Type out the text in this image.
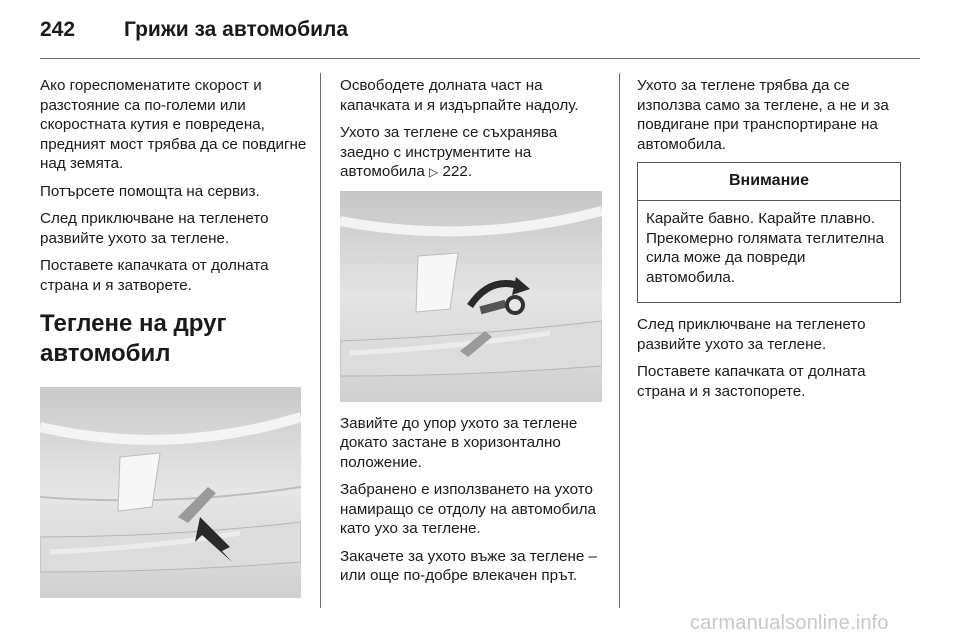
242 Грижи за автомобила

Ако гореспоменатите скорост и разстояние са по-големи или скоростната кутия е повредена, предният мост трябва да се повдигне над земята.

Потърсете помощта на сервиз.

След приключване на тегленето развийте ухото за теглене.

Поставете капачката от долната страна и я затворете.

Теглене на друг автомобил

Освободете долната част на капачката и я издърпайте надолу.

Ухото за теглене се съхранява заедно с инструментите на автомобила ▷ 222.

Завийте до упор ухото за теглене докато застане в хоризонтално положение.

Забранено е използването на ухото намиращо се отдолу на автомобила като ухо за теглене.

Закачете за ухото въже за теглене – или още по-добре влекачен прът.

Ухото за теглене трябва да се използва само за теглене, а не и за повдигане при транспортиране на автомобила.

Внимание

Карайте бавно. Карайте плавно. Прекомерно голямата теглителна сила може да повреди автомобила.

След приключване на тегленето развийте ухото за теглене.

Поставете капачката от долната страна и я застопорете.

carmanualsonline.info
